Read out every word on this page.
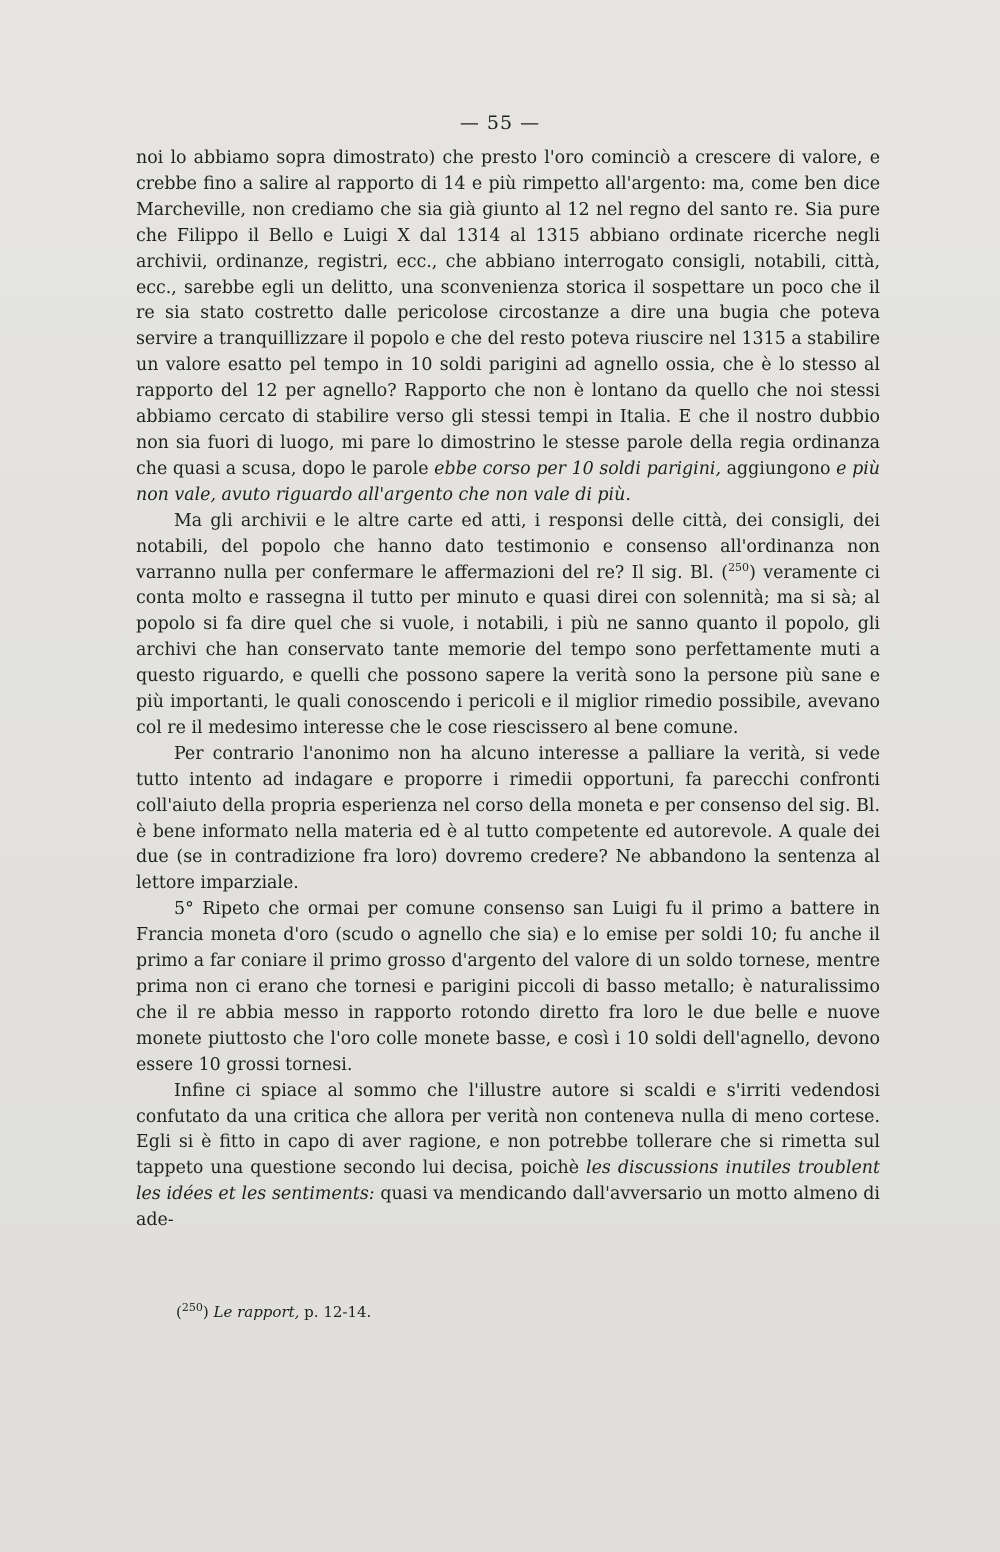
— 55 —

noi lo abbiamo sopra dimostrato) che presto l'oro cominciò a crescere di valore, e crebbe fino a salire al rapporto di 14 e più rimpetto all'argento: ma, come ben dice Marcheville, non crediamo che sia già giunto al 12 nel regno del santo re. Sia pure che Filippo il Bello e Luigi X dal 1314 al 1315 abbiano ordinate ricerche negli archivii, ordinanze, registri, ecc., che abbiano interrogato consigli, notabili, città, ecc., sarebbe egli un delitto, una sconvenienza storica il sospettare un poco che il re sia stato costretto dalle pericolose circostanze a dire una bugia che poteva servire a tranquillizzare il popolo e che del resto poteva riuscire nel 1315 a stabilire un valore esatto pel tempo in 10 soldi parigini ad agnello ossia, che è lo stesso al rapporto del 12 per agnello? Rapporto che non è lontano da quello che noi stessi abbiamo cercato di stabilire verso gli stessi tempi in Italia. E che il nostro dubbio non sia fuori di luogo, mi pare lo dimostrino le stesse parole della regia ordinanza che quasi a scusa, dopo le parole ebbe corso per 10 soldi parigini, aggiungono e più non vale, avuto riguardo all'argento che non vale di più.

Ma gli archivii e le altre carte ed atti, i responsi delle città, dei consigli, dei notabili, del popolo che hanno dato testimonio e consenso all'ordinanza non varranno nulla per confermare le affermazioni del re? Il sig. Bl. ($^{250}$) veramente ci conta molto e rassegna il tutto per minuto e quasi direi con solennità; ma si sà; al popolo si fa dire quel che si vuole, i notabili, i più ne sanno quanto il popolo, gli archivi che han conservato tante memorie del tempo sono perfettamente muti a questo riguardo, e quelli che possono sapere la verità sono la persone più sane e più importanti, le quali conoscendo i pericoli e il miglior rimedio possibile, avevano col re il medesimo interesse che le cose riescissero al bene comune.

Per contrario l'anonimo non ha alcuno interesse a palliare la verità, si vede tutto intento ad indagare e proporre i rimedii opportuni, fa parecchi confronti coll'aiuto della propria esperienza nel corso della moneta e per consenso del sig. Bl. è bene informato nella materia ed è al tutto competente ed autorevole. A quale dei due (se in contradizione fra loro) dovremo credere? Ne abbandono la sentenza al lettore imparziale.

5° Ripeto che ormai per comune consenso san Luigi fu il primo a battere in Francia moneta d'oro (scudo o agnello che sia) e lo emise per soldi 10; fu anche il primo a far coniare il primo grosso d'argento del valore di un soldo tornese, mentre prima non ci erano che tornesi e parigini piccoli di basso metallo; è naturalissimo che il re abbia messo in rapporto rotondo diretto fra loro le due belle e nuove monete piuttosto che l'oro colle monete basse, e così i 10 soldi dell'agnello, devono essere 10 grossi tornesi.

Infine ci spiace al sommo che l'illustre autore si scaldi e s'irriti vedendosi confutato da una critica che allora per verità non conteneva nulla di meno cortese. Egli si è fitto in capo di aver ragione, e non potrebbe tollerare che si rimetta sul tappeto una questione secondo lui decisa, poichè les discussions inutiles troublent les idées et les sentiments: quasi va mendicando dall'avversario un motto almeno di ade-

($^{250}$) Le rapport, p. 12-14.
